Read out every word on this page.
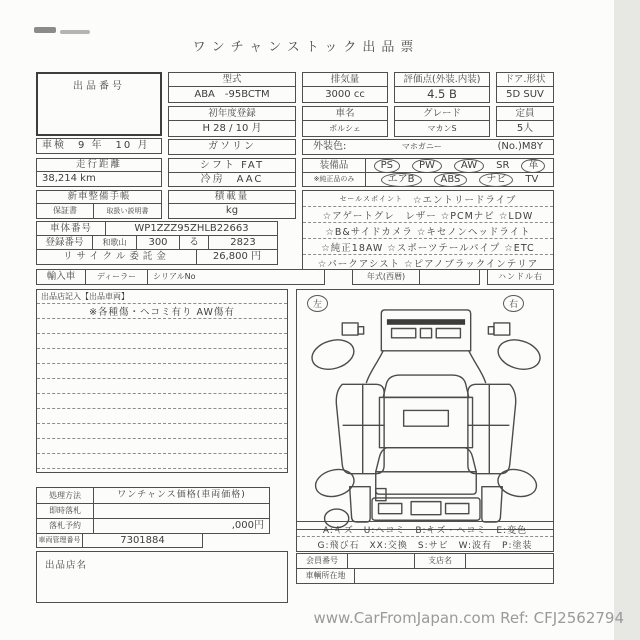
ワンチャンストック出品票
出品番号
車検　9 年　10 月
型式
ABA　-95BCTM
初年度登録
H 28 / 10 月
ガソリン
排気量
3000 cc
車名
ポルシェ
評価点(外装.内装)
4.5 B
グレード
マカンS
ドア.形状
5D SUV
定員
5人
外装色:	マホガニー	(No.)M8Y
走行距離
38,214 km
シフト FAT
冷房　AAC
装備品	PS	PW	AW	SR	革
※純正品のみ	エアB	ABS	ナビ	TV
新車整備手帳
保証書	取扱い説明書
積載量
kg
セールスポイント ☆エントリードライブ
☆アゲートグレ　レザー ☆PCMナビ ☆LDW
☆B&サイドカメラ ☆キセノンヘッドライト
☆純正18AW ☆スポーツテールパイプ ☆ETC
☆パークアシスト ☆ピアノブラックインテリア
車体番号	WP1ZZZ95ZHLB22663
登録番号	和歌山	300	る	2823
リサイクル委託金	26,800 円
輸入車	ディーラー	シリアルNo	年式(西暦)	ハンドル右
出品店記入【出品車両】
※各種傷・ヘコミ有り AW傷有
左	右
処理方法	ワンチャンス価格(車両価格)
即時落札
落札予約	,000円
車両管理番号	7301884
出品店名
A:キズ　U:ヘコミ　B:キズ・ヘコミ　E:変色
G:飛び石　XX:交換　S:サビ　W:波有　P:塗装
会員番号	支店名
車輌所在地
www.CarFromJapan.com Ref: CFJ2562794
